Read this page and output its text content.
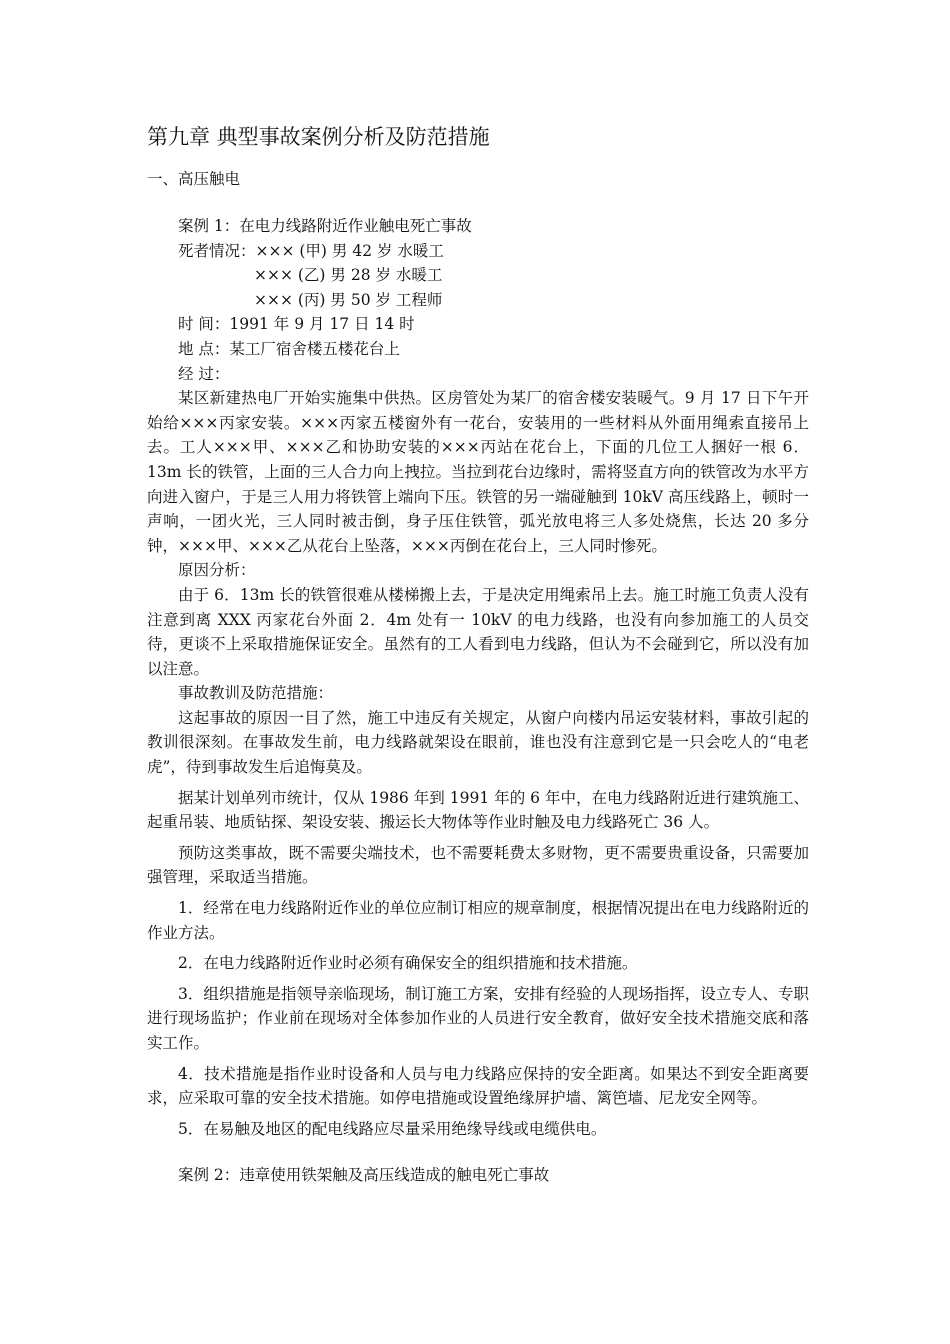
第九章 典型事故案例分析及防范措施
一、高压触电
案例 1：在电力线路附近作业触电死亡事故
死者情况：××× (甲) 男 42 岁 水暖工
××× (乙) 男 28 岁 水暖工
××× (丙) 男 50 岁 工程师
时 间：1991 年 9 月 17 日 14 时
地 点：某工厂宿舍楼五楼花台上
经 过：

某区新建热电厂开始实施集中供热。区房管处为某厂的宿舍楼安装暖气。9 月 17 日下午开始给×××丙家安装。×××丙家五楼窗外有一花台，安装用的一些材料从外面用绳索直接吊上去。工人×××甲、×××乙和协助安装的×××丙站在花台上，下面的几位工人捆好一根 6．13m 长的铁管，上面的三人合力向上拽拉。当拉到花台边缘时，需将竖直方向的铁管改为水平方向进入窗户，于是三人用力将铁管上端向下压。铁管的另一端碰触到 10kV 高压线路上，顿时一声响，一团火光，三人同时被击倒，身子压住铁管，弧光放电将三人多处烧焦，长达 20 多分钟，×××甲、×××乙从花台上坠落，×××丙倒在花台上，三人同时惨死。

原因分析：

由于 6．13m 长的铁管很难从楼梯搬上去，于是决定用绳索吊上去。施工时施工负责人没有注意到离 XXX 丙家花台外面 2．4m 处有一 10kV 的电力线路，也没有向参加施工的人员交待，更谈不上采取措施保证安全。虽然有的工人看到电力线路，但认为不会碰到它，所以没有加以注意。

事故教训及防范措施：

这起事故的原因一目了然，施工中违反有关规定，从窗户向楼内吊运安装材料，事故引起的教训很深刻。在事故发生前，电力线路就架设在眼前，谁也没有注意到它是一只会吃人的“电老虎”，待到事故发生后追悔莫及。

据某计划单列市统计，仅从 1986 年到 1991 年的 6 年中，在电力线路附近进行建筑施工、起重吊装、地质钻探、架设安装、搬运长大物体等作业时触及电力线路死亡 36 人。

预防这类事故，既不需要尖端技术，也不需要耗费太多财物，更不需要贵重设备，只需要加强管理，采取适当措施。

1．经常在电力线路附近作业的单位应制订相应的规章制度，根据情况提出在电力线路附近的作业方法。

2．在电力线路附近作业时必须有确保安全的组织措施和技术措施。

3．组织措施是指领导亲临现场，制订施工方案，安排有经验的人现场指挥，设立专人、专职进行现场监护；作业前在现场对全体参加作业的人员进行安全教育，做好安全技术措施交底和落实工作。

4．技术措施是指作业时设备和人员与电力线路应保持的安全距离。如果达不到安全距离要求，应采取可靠的安全技术措施。如停电措施或设置绝缘屏护墙、篱笆墙、尼龙安全网等。

5．在易触及地区的配电线路应尽量采用绝缘导线或电缆供电。

案例 2：违章使用铁架触及高压线造成的触电死亡事故
